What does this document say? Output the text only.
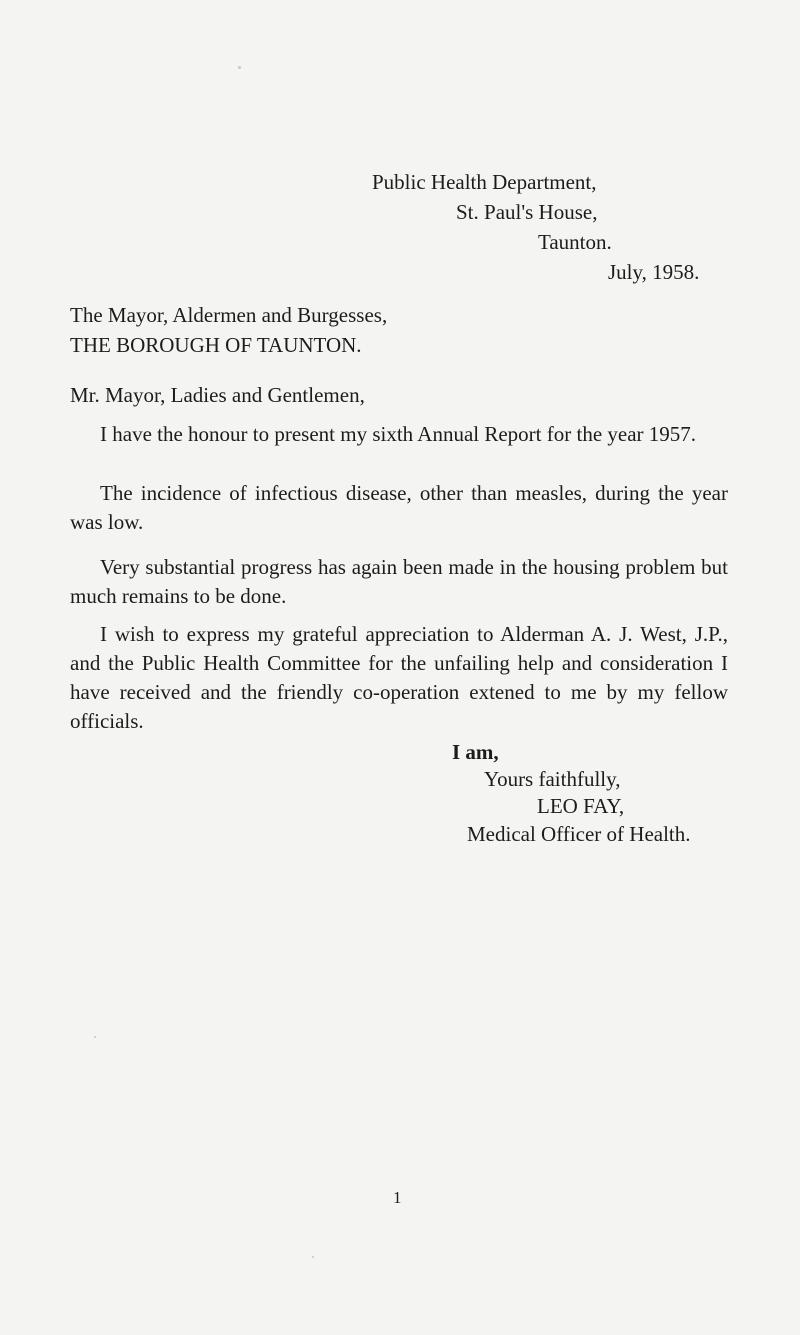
Public Health Department,
St. Paul's House,
Taunton.
July, 1958.
The Mayor, Aldermen and Burgesses,
THE BOROUGH OF TAUNTON.
Mr. Mayor, Ladies and Gentlemen,
I have the honour to present my sixth Annual Report for the year 1957.
The incidence of infectious disease, other than measles, during the year was low.
Very substantial progress has again been made in the housing problem but much remains to be done.
I wish to express my grateful appreciation to Alderman A. J. West, J.P., and the Public Health Committee for the unfailing help and consideration I have received and the friendly co-operation extened to me by my fellow officials.
I am,
Yours faithfully,
LEO FAY,
Medical Officer of Health.
1
